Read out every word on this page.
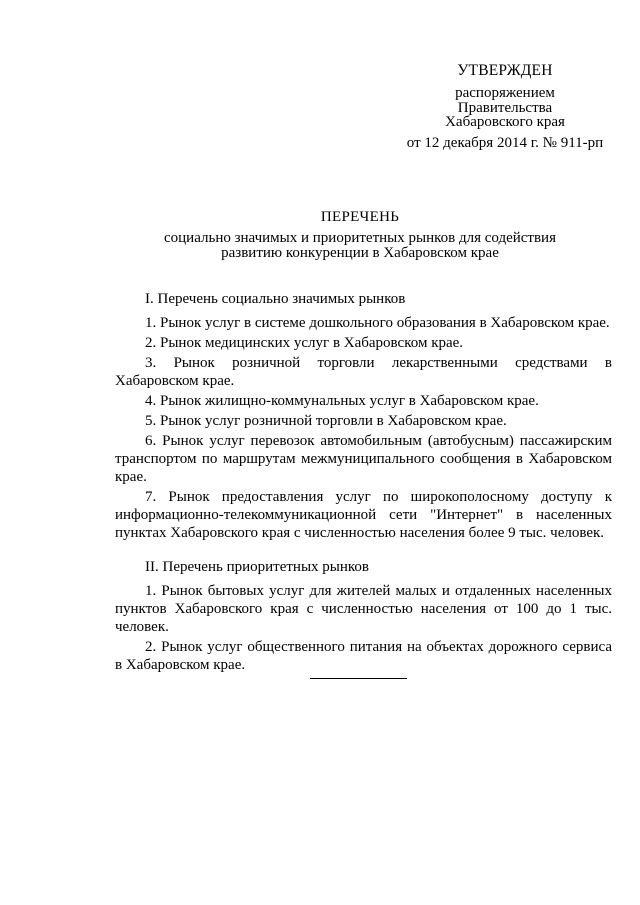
УТВЕРЖДЕН
распоряжением
Правительства
Хабаровского края
от 12 декабря 2014 г. № 911-рп
ПЕРЕЧЕНЬ
социально значимых и приоритетных рынков для содействия
развитию конкуренции в Хабаровском крае
I. Перечень социально значимых рынков

1. Рынок услуг в системе дошкольного образования в Хабаровском крае.

2. Рынок медицинских услуг в Хабаровском крае.

3. Рынок розничной торговли лекарственными средствами в Хабаровском крае.

4. Рынок жилищно-коммунальных услуг в Хабаровском крае.

5. Рынок услуг розничной торговли в Хабаровском крае.

6. Рынок услуг перевозок автомобильным (автобусным) пассажирским транспортом по маршрутам межмуниципального сообщения в Хабаровском крае.

7. Рынок предоставления услуг по широкополосному доступу к информационно-телекоммуникационной сети "Интернет" в населенных пунктах Хабаровского края с численностью населения более 9 тыс. человек.

II. Перечень приоритетных рынков

1. Рынок бытовых услуг для жителей малых и отдаленных населенных пунктов Хабаровского края с численностью населения от 100 до 1 тыс. человек.

2. Рынок услуг общественного питания на объектах дорожного сервиса в Хабаровском крае.
